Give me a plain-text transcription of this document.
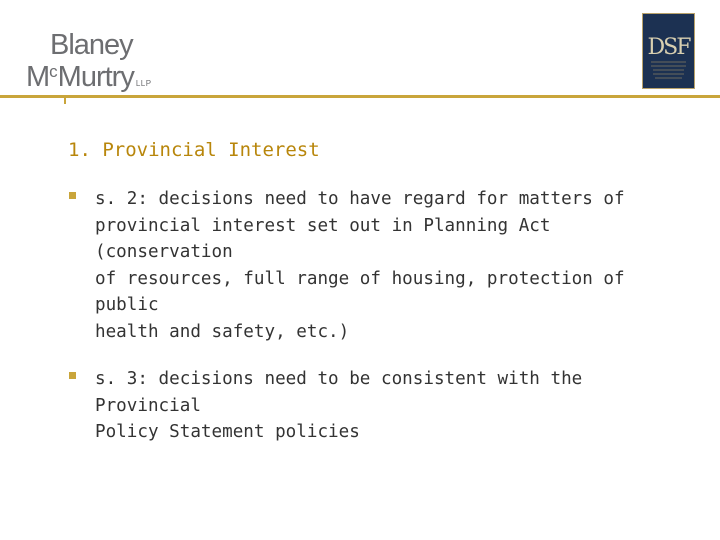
Blaney
$M^cMurtry$ LLP
DSF
1. Provincial Interest
s. 2: decisions need to have regard for matters of
provincial interest set out in Planning Act (conservation
of resources, full range of housing, protection of public
health and safety, etc.)
s. 3: decisions need to be consistent with the Provincial
Policy Statement policies
